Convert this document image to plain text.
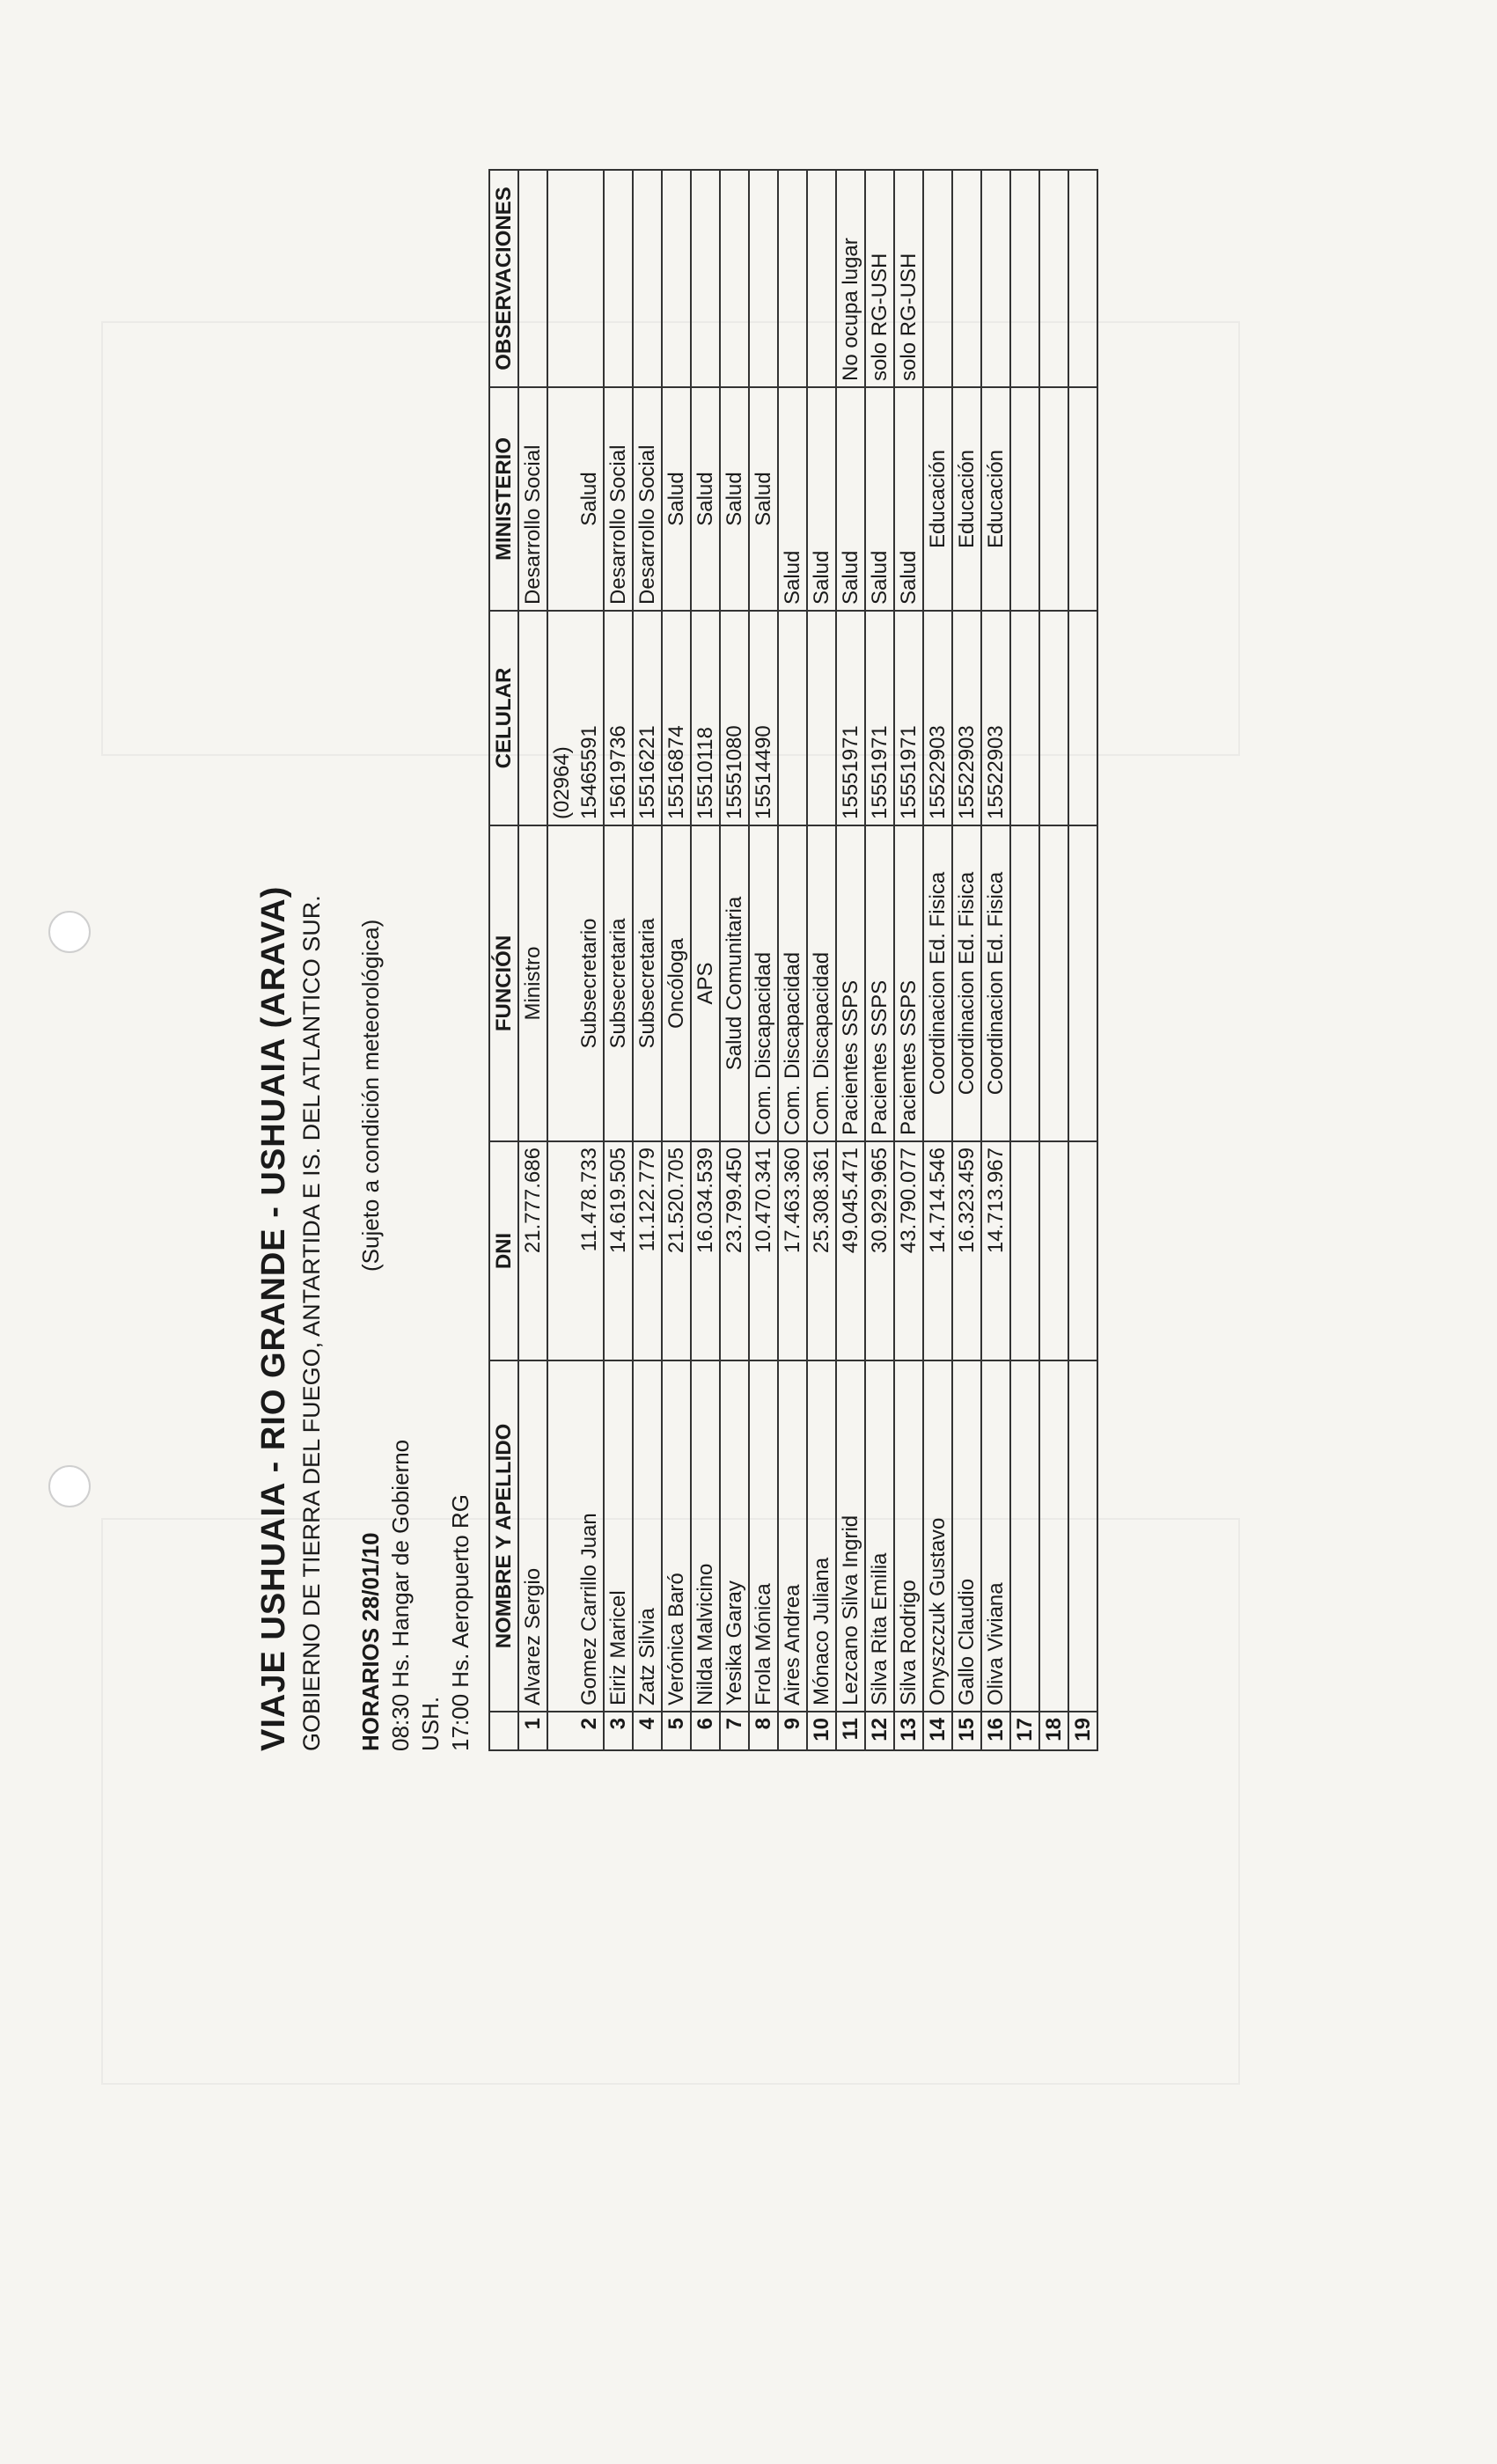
VIAJE USHUAIA - RIO GRANDE - USHUAIA (ARAVA) GOBIERNO DE TIERRA DEL FUEGO, ANTARTIDA E IS. DEL ATLANTICO SUR. HORARIOS 28/01/10
(Sujeto a condición meteorológica)
08:30 Hs. Hangar de Gobierno USH. 17:00 Hs. Aeropuerto RG
	NOMBRE Y APELLIDO	DNI	FUNCIÓN	CELULAR	MINISTERIO	OBSERVACIONES
1	Alvarez Sergio	21.777.686	Ministro		Desarrollo Social	
				(02964)		
2	Gomez Carrillo Juan	11.478.733	Subsecretario	15465591	Salud	
3	Eiriz Maricel	14.619.505	Subsecretaria	15619736	Desarrollo Social	
4	Zatz Silvia	11.122.779	Subsecretaria	15516221	Desarrollo Social	
5	Verónica Baró	21.520.705	Oncóloga	15516874	Salud	
6	Nilda Malvicino	16.034.539	APS	15510118	Salud	
7	Yesika Garay	23.799.450	Salud Comunitaria	15551080	Salud	
8	Frola Mónica	10.470.341	Com. Discapacidad	15514490	Salud	
9	Aires Andrea	17.463.360	Com. Discapacidad		Salud	
10	Mónaco Juliana	25.308.361	Com. Discapacidad		Salud	
11	Lezcano Silva Ingrid	49.045.471	Pacientes SSPS	15551971	Salud	No ocupa lugar
12	Silva Rita Emilia	30.929.965	Pacientes SSPS	15551971	Salud	solo RG-USH
13	Silva Rodrigo	43.790.077	Pacientes SSPS	15551971	Salud	solo RG-USH
14	Onyszczuk Gustavo	14.714.546	Coordinacion Ed. Fisica	15522903	Educación	
15	Gallo Claudio	16.323.459	Coordinacion Ed. Fisica	15522903	Educación	
16	Oliva Viviana	14.713.967	Coordinacion Ed. Fisica	15522903	Educación	
17						
18						
19						
